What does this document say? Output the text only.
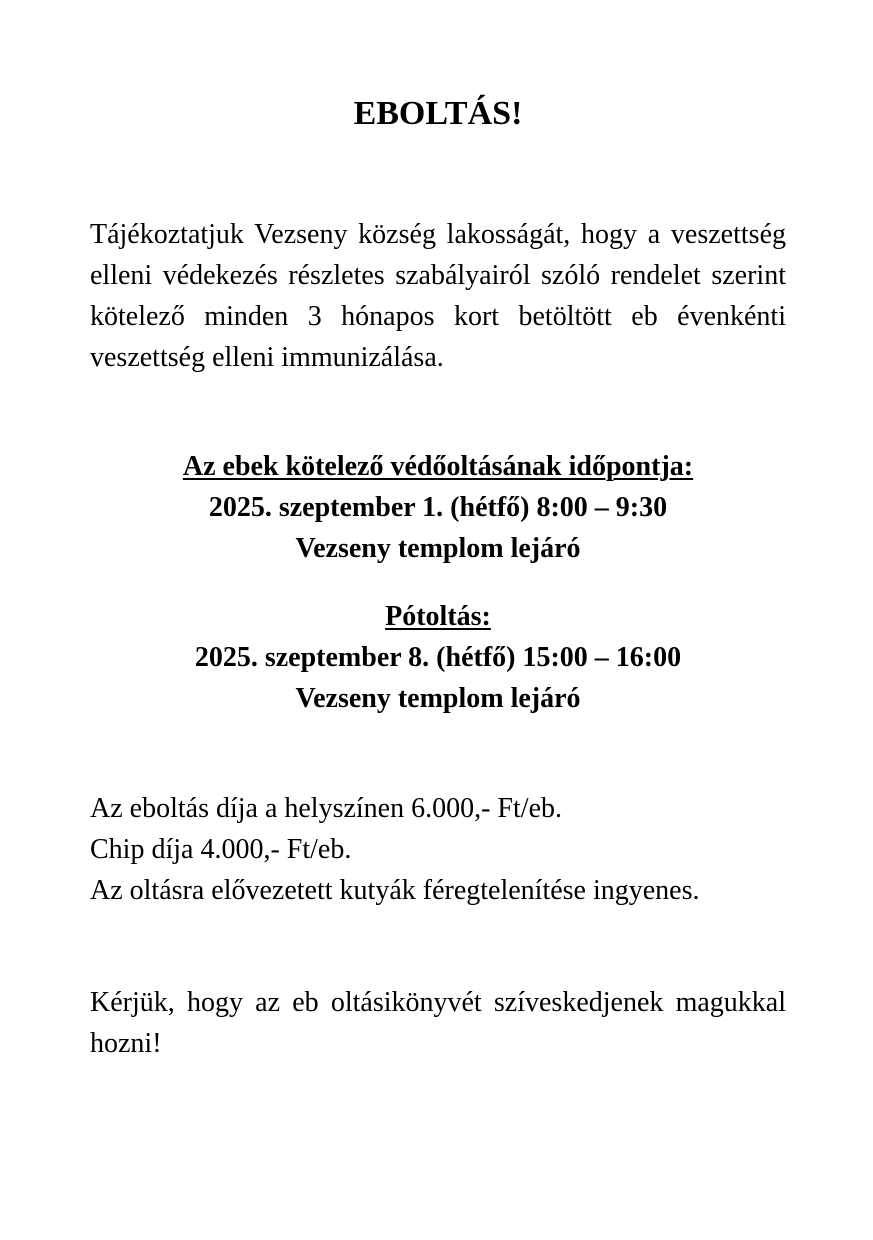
EBOLTÁS!

Tájékoztatjuk Vezseny község lakosságát, hogy a veszettség elleni védekezés részletes szabályairól szóló rendelet szerint kötelező minden 3 hónapos kort betöltött eb évenkénti veszettség elleni immunizálása.

Az ebek kötelező védőoltásának időpontja:
2025. szeptember 1. (hétfő) 8:00 – 9:30
Vezseny templom lejáró
Pótoltás:
2025. szeptember 8. (hétfő) 15:00 – 16:00
Vezseny templom lejáró

Az eboltás díja a helyszínen 6.000,- Ft/eb.

Chip díja 4.000,- Ft/eb.

Az oltásra elővezetett kutyák féregtelenítése ingyenes.

Kérjük, hogy az eb oltásikönyvét szíveskedjenek magukkal hozni!
